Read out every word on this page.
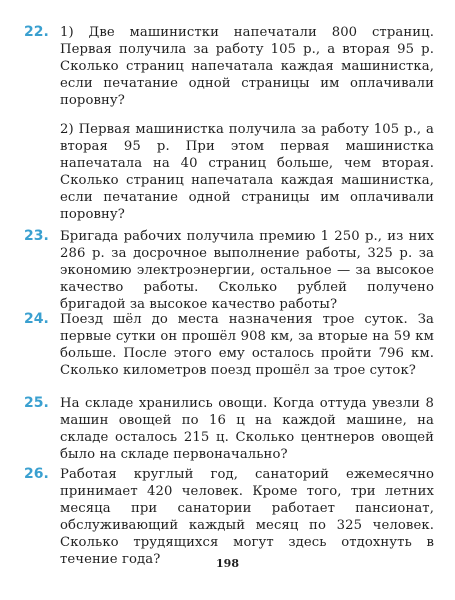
22. 1) Две машинистки напечатали 800 страниц. Первая получила за работу 105 р., а вторая 95 р. Сколько страниц напечатала каждая машинистка, если печатание одной страницы им оплачивали поровну?
2) Первая машинистка получила за работу 105 р., а вторая 95 р. При этом первая машинистка напечатала на 40 страниц больше, чем вторая. Сколько страниц напечатала каждая машинистка, если печатание одной страницы им оплачивали поровну?
23. Бригада рабочих получила премию 1 250 р., из них 286 р. за досрочное выполнение работы, 325 р. за экономию электроэнергии, остальное — за высокое качество работы. Сколько рублей получено бригадой за высокое качество работы?
24. Поезд шёл до места назначения трое суток. За первые сутки он прошёл 908 км, за вторые на 59 км больше. После этого ему осталось пройти 796 км. Сколько километров поезд прошёл за трое суток?
25. На складе хранились овощи. Когда оттуда увезли 8 машин овощей по 16 ц на каждой машине, на складе осталось 215 ц. Сколько центнеров овощей было на складе первоначально?
26. Работая круглый год, санаторий ежемесячно принимает 420 человек. Кроме того, три летних месяца при санатории работает пансионат, обслуживающий каждый месяц по 325 человек. Сколько трудящихся могут здесь отдохнуть в течение года?	198
